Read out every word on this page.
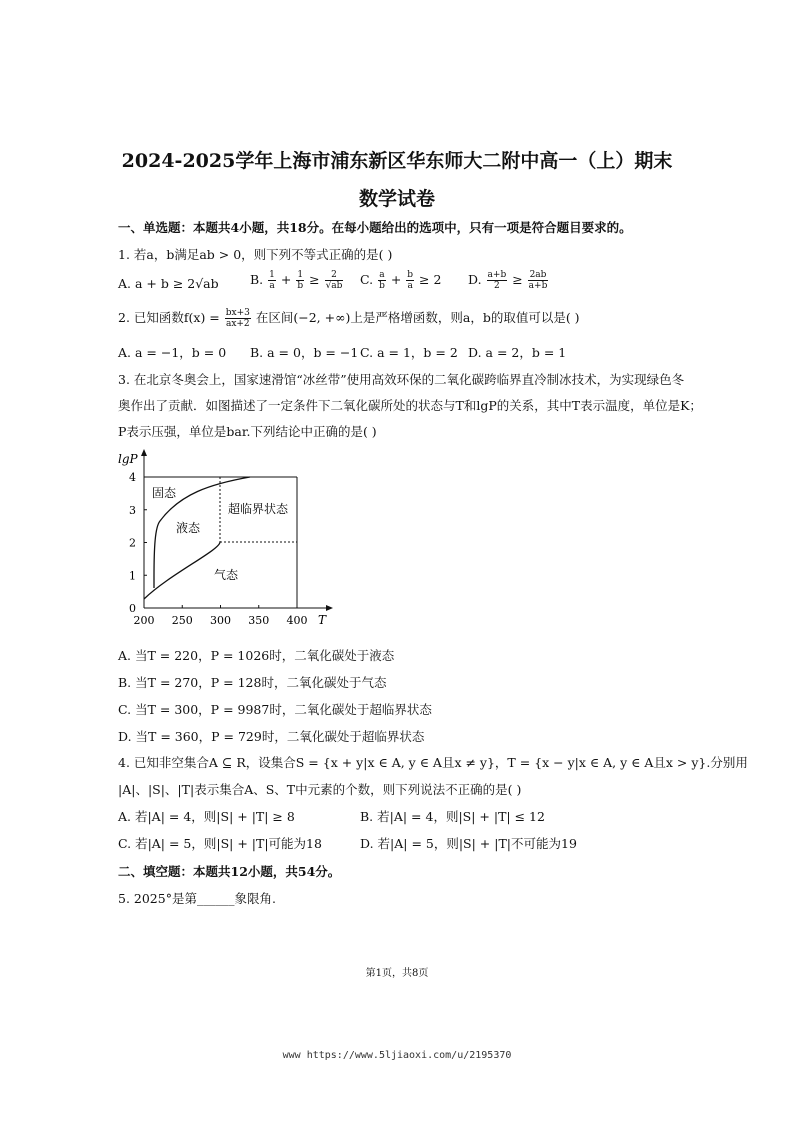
2024-2025学年上海市浦东新区华东师大二附中高一（上）期末
数学试卷
一、单选题：本题共4小题，共18分。在每小题给出的选项中，只有一项是符合题目要求的。
1. 若a，b满足ab > 0，则下列不等式正确的是( )
A. a + b ≥ 2√ab	B. $\frac{1}{a} + \frac{1}{b} \ge \frac{2}{√ab} C$. $\frac{a}{b} + \frac{b}{a} \ge 2$ D. $\frac{a+b}{2} \ge \frac{2ab}{a+b}$
2. 已知函数$f(x) = \frac{bx+3}{ax+2}$ 在区间(−2, +∞)上是严格增函数，则a，b的取值可以是( )
A. a = −1，b = 0 B. a = 0，b = −1 C. a = 1，b = 2 D. a = 2，b = 1
3. 在北京冬奥会上，国家速滑馆“冰丝带”使用高效环保的二氧化碳跨临界直冷制冰技术，为实现绿色冬
奥作出了贡献．如图描述了一定条件下二氧化碳所处的状态与T和lgP的关系，其中T表示温度，单位是K；
P表示压强，单位是bar.下列结论中正确的是( )
200 250 300 350 400
0
1
2
3
4
lgP
T
固态
液态
超临界状态
气态
A. 当T = 220，P = 1026时，二氧化碳处于液态
B. 当T = 270，P = 128时，二氧化碳处于气态
C. 当T = 300，P = 9987时，二氧化碳处于超临界状态
D. 当T = 360，P = 729时，二氧化碳处于超临界状态
4. 已知非空集合A ⊆ R，设集合S = {x + y|x ∈ A, y ∈ A且x ≠ y}，T = {x − y|x ∈ A, y ∈ A且x > y}.分别用
|A|、|S|、|T|表示集合A、S、T中元素的个数，则下列说法不正确的是( )
A. 若|A| = 4，则|S| + |T| ≥ 8	B. 若|A| = 4，则|S| + |T| ≤ 12
C. 若|A| = 5，则|S| + |T|可能为18	D. 若|A| = 5，则|S| + |T|不可能为19
二、填空题：本题共12小题，共54分。
5. 2025°是第______象限角.
第1页，共8页
www https://www.5ljiaoxi.com/u/2195370
